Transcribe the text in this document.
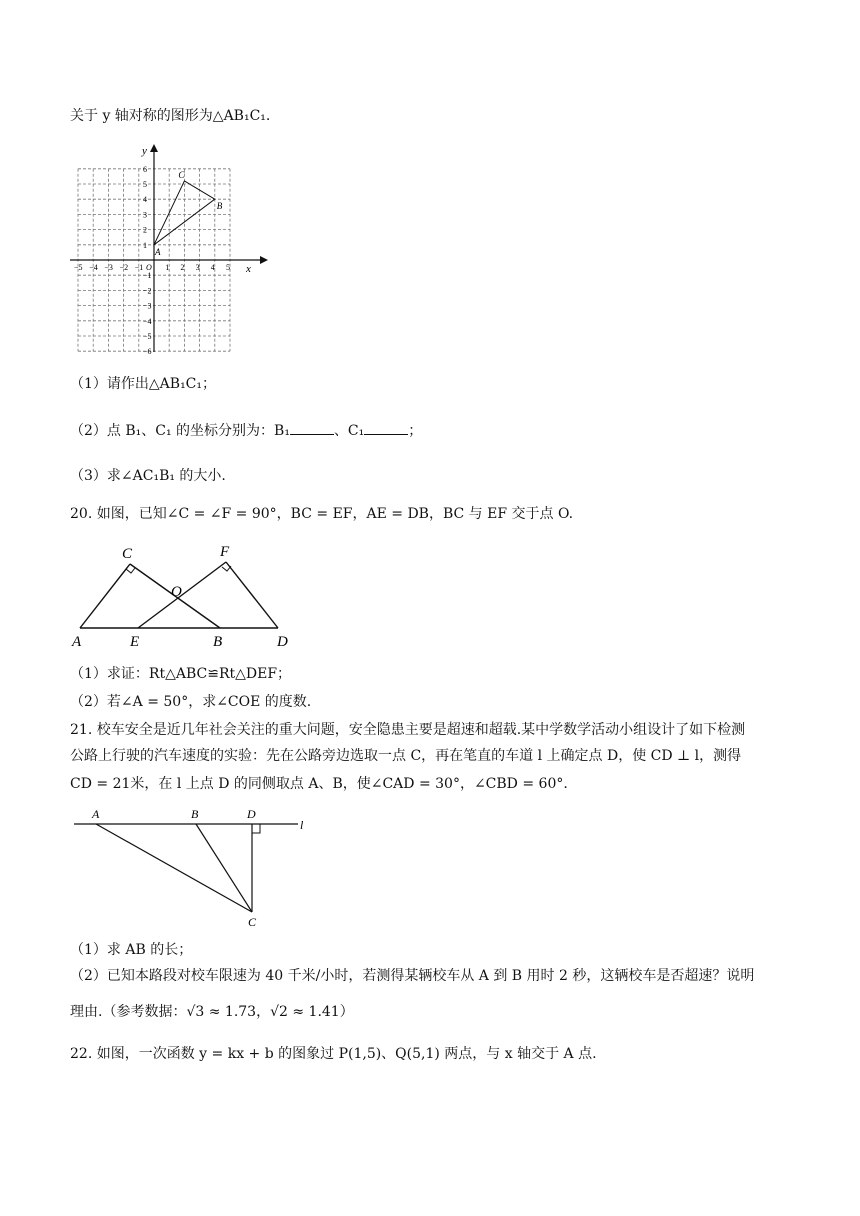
关于 y 轴对称的图形为△AB₁C₁.
x
y
−5 −4 −3 −2 −1 O 1 2 3 4 5
6
5
4
3
2
1
−1
−2
−3
−4
−5
−6
A
B
C
（1）请作出△AB₁C₁；
（2）点 B₁、C₁ 的坐标分别为：B₁	、C₁	；
（3）求∠AC₁B₁ 的大小.
20. 如图，已知∠C = ∠F = 90°，BC = EF，AE = DB，BC 与 EF 交于点 O.
A	E	B	D
C	F
O
（1）求证：Rt△ABC≌Rt△DEF；
（2）若∠A = 50°，求∠COE 的度数.
21. 校车安全是近几年社会关注的重大问题，安全隐患主要是超速和超载.某中学数学活动小组设计了如下检测
公路上行驶的汽车速度的实验：先在公路旁边选取一点 C，再在笔直的车道 l 上确定点 D，使 CD ⊥ l，测得
CD = 21米，在 l 上点 D 的同侧取点 A、B，使∠CAD = 30°，∠CBD = 60°.
A	B	D
l
C
（1）求 AB 的长；
（2）已知本路段对校车限速为 40 千米/小时，若测得某辆校车从 A 到 B 用时 2 秒，这辆校车是否超速？说明
理由.（参考数据：√3 ≈ 1.73，√2 ≈ 1.41）
22. 如图，一次函数 y = kx + b 的图象过 P(1,5)、Q(5,1) 两点，与 x 轴交于 A 点.
